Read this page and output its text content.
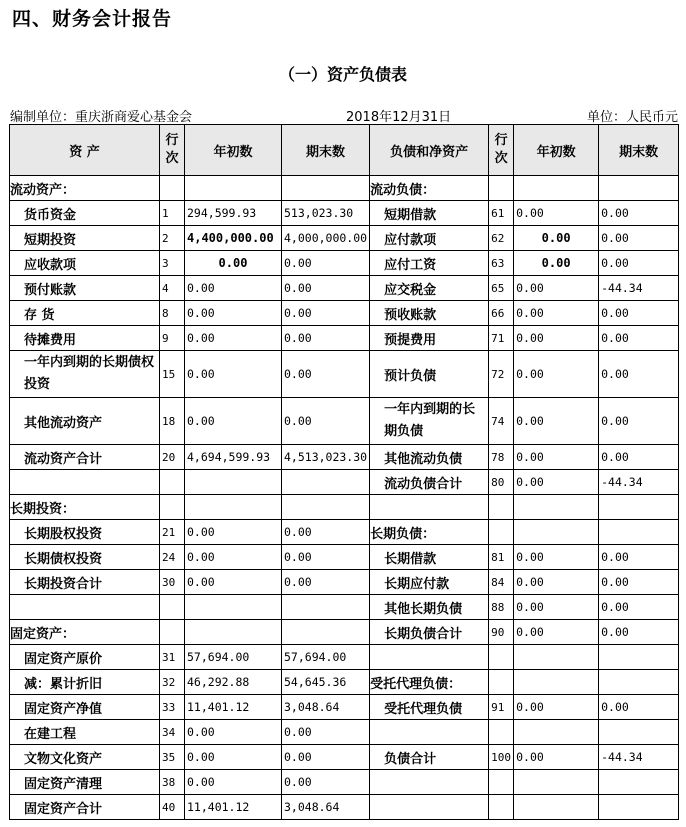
四、财务会计报告
（一）资产负债表
编制单位：重庆浙商爱心基金会	2018年12月31日	单位：人民币元
资 产	行次	年初数	期末数	负债和净资产	行次	年初数	期末数
流动资产：				流动负债：			
货币资金	1	294,599.93	513,023.30	短期借款	61	0.00	0.00
短期投资	2	4,400,000.00	4,000,000.00	应付款项	62	0.00	0.00
应收款项	3	0.00	0.00	应付工资	63	0.00	0.00
预付账款	4	0.00	0.00	应交税金	65	0.00	-44.34
存 货	8	0.00	0.00	预收账款	66	0.00	0.00
待摊费用	9	0.00	0.00	预提费用	71	0.00	0.00
一年内到期的长期债权投资	15	0.00	0.00	预计负债	72	0.00	0.00
其他流动资产	18	0.00	0.00	一年内到期的长期负债	74	0.00	0.00
流动资产合计	20	4,694,599.93	4,513,023.30	其他流动负债	78	0.00	0.00
				流动负债合计	80	0.00	-44.34
长期投资：							
长期股权投资	21	0.00	0.00	长期负债：			
长期债权投资	24	0.00	0.00	长期借款	81	0.00	0.00
长期投资合计	30	0.00	0.00	长期应付款	84	0.00	0.00
				其他长期负债	88	0.00	0.00
固定资产：				长期负债合计	90	0.00	0.00
固定资产原价	31	57,694.00	57,694.00				
减：累计折旧	32	46,292.88	54,645.36	受托代理负债：			
固定资产净值	33	11,401.12	3,048.64	受托代理负债	91	0.00	0.00
在建工程	34	0.00	0.00				
文物文化资产	35	0.00	0.00	负债合计	100	0.00	-44.34
固定资产清理	38	0.00	0.00				
固定资产合计	40	11,401.12	3,048.64				
